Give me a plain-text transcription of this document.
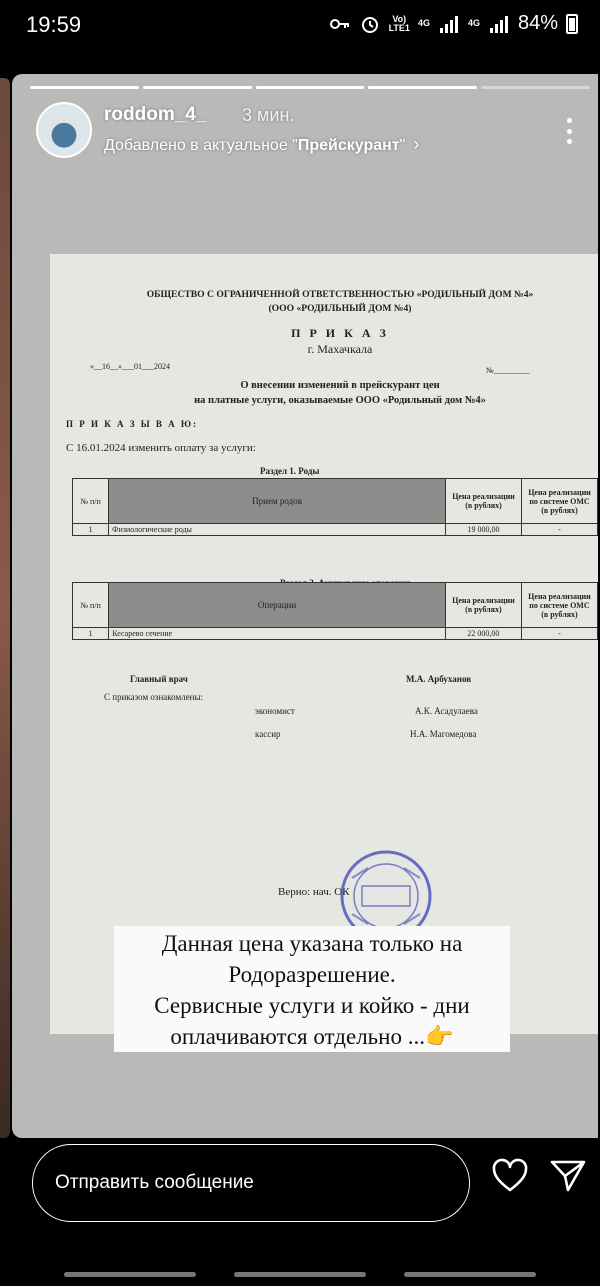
19:59	Vo)
LTE1 4G	4G 84%
roddom_4_ 3 мин.
Добавлено в актуальное "Прейскурант" ›
ОБЩЕСТВО С ОГРАНИЧЕННОЙ ОТВЕТСТВЕННОСТЬЮ «РОДИЛЬНЫЙ ДОМ №4»
(ООО «РОДИЛЬНЫЙ ДОМ №4)
П Р И К А З
г. Махачкала
«__16__»___01___2024	№_________
О внесении изменений в прейскурант цен
на платные услуги, оказываемые ООО «Родильный дом №4»
П Р И К А З Ы В А Ю:
С 16.01.2024 изменить оплату за услуги:
Раздел 1. Роды
№ п/п	Прием родов	Цена реализации (в рублях)	Цена реализации по системе ОМС (в рублях)
1	Физиологические роды	19 000,00	-
№ п/п	Операции	Цена реализации (в рублях)	Цена реализации по системе ОМС (в рублях)
1	Кесарево сечение	22 000,00	-
Главный врач	М.А. Арбуханов
С приказом ознакомлены:
экономист	А.К. Асадулаева
кассир	Н.А. Магомедова
Верно: нач. ОК
Данная цена указана только на
Родоразрешение.
Сервисные услуги и койко - дни
оплачиваются отдельно ...👉
Отправить сообщение
